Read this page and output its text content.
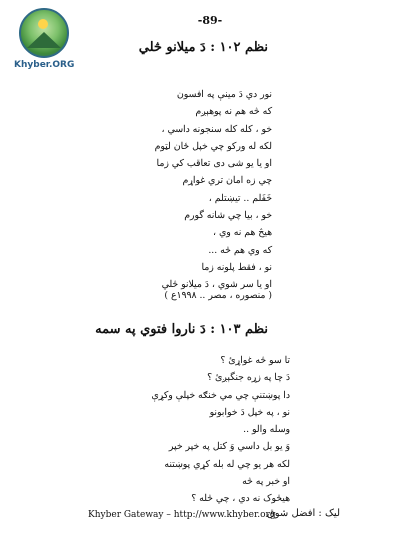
Khyber.ORG
-89-
نظم ۱۰۲ : دَ ميلانو څلي
نور دي دَ مينې په افسون
که څه هم نه پوهېږم
خو ، کله کله سنجونه داسي ،
لکه له ورکو چي خپل ځان لټوم
او يا يو شى دى تعاقب کي زما
چي زه امان تري غواړم
خَفَلم .. تيښتلم ،
خو ، بيا چي شانه گورم
هيڅ هم نه وي ،
که وي هم څه ...
نو ، فقط پلونه زما
او يا سر شوي ، دَ ميلانو څلي
( منصوره ، مصر .. ۱۹۹۸ع )
نظم ۱۰۳ : دَ ناروا فتوي په سمه
تا سو څه غواړئ ؟
دَ چا په زړه جنگېږئ ؟
دا پوښتنې چي مي خنګه خپلې وکړې
نو ، په خپل دَ خوابونو
وسله والو ..
وَ يو بل داسي وَ کتل په خپر خپر
لکه هر يو چي له بله کړي پوښتنه
او خبر په څه
هيڅوک نه دي ، چي څله ؟
Khyber Gateway – http://www.khyber.org
ليک : افضل شوق
